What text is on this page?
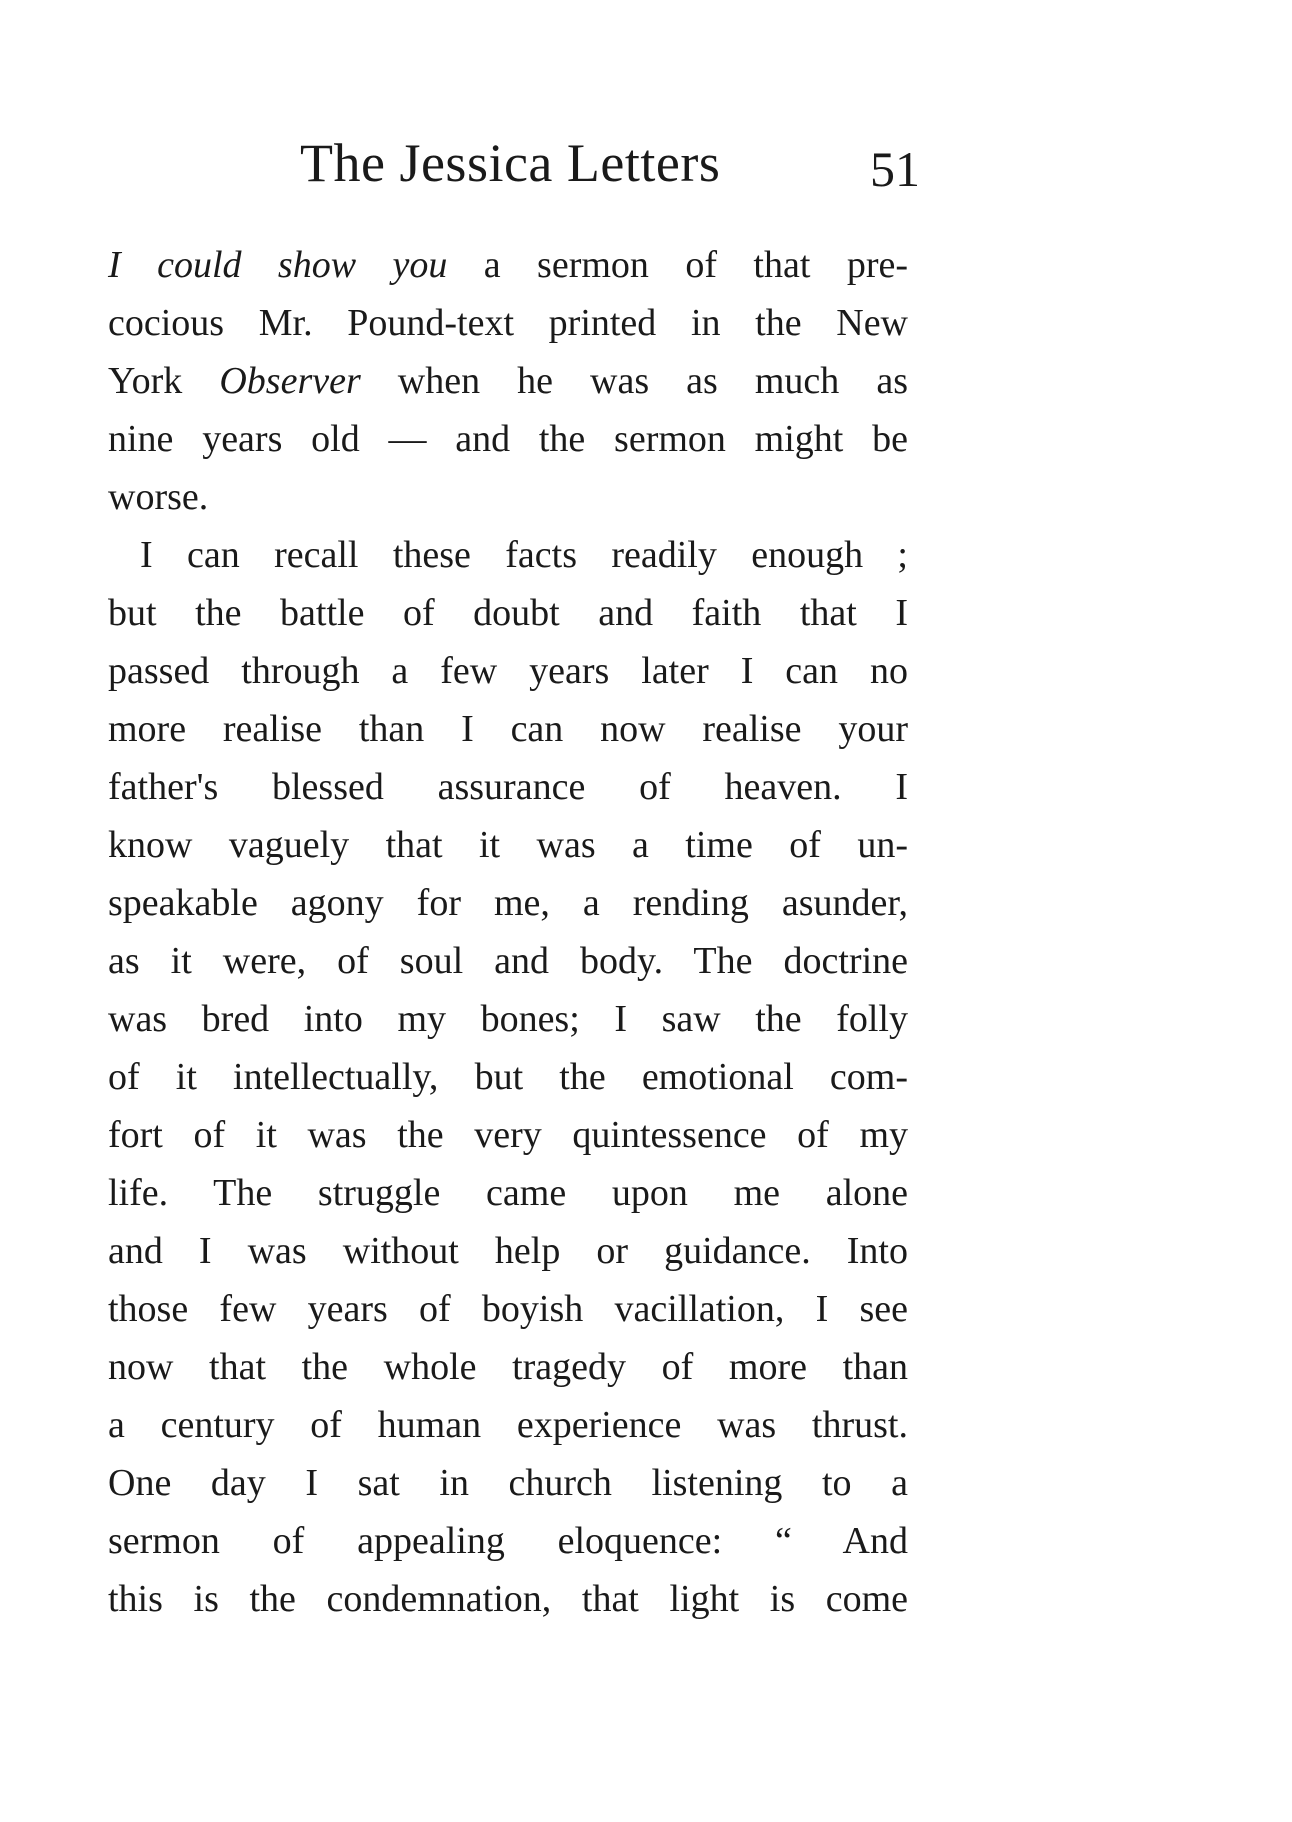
The Jessica Letters	51
I could show you a sermon of that pre-
cocious Mr. Pound-text printed in the New
York Observer when he was as much as
nine years old — and the sermon might be
worse.
I can recall these facts readily enough ;
but the battle of doubt and faith that I
passed through a few years later I can no
more realise than I can now realise your
father's blessed assurance of heaven. I
know vaguely that it was a time of un-
speakable agony for me, a rending asunder,
as it were, of soul and body. The doctrine
was bred into my bones; I saw the folly
of it intellectually, but the emotional com-
fort of it was the very quintessence of my
life. The struggle came upon me alone
and I was without help or guidance. Into
those few years of boyish vacillation, I see
now that the whole tragedy of more than
a century of human experience was thrust.
One day I sat in church listening to a
sermon of appealing eloquence: “ And
this is the condemnation, that light is come
